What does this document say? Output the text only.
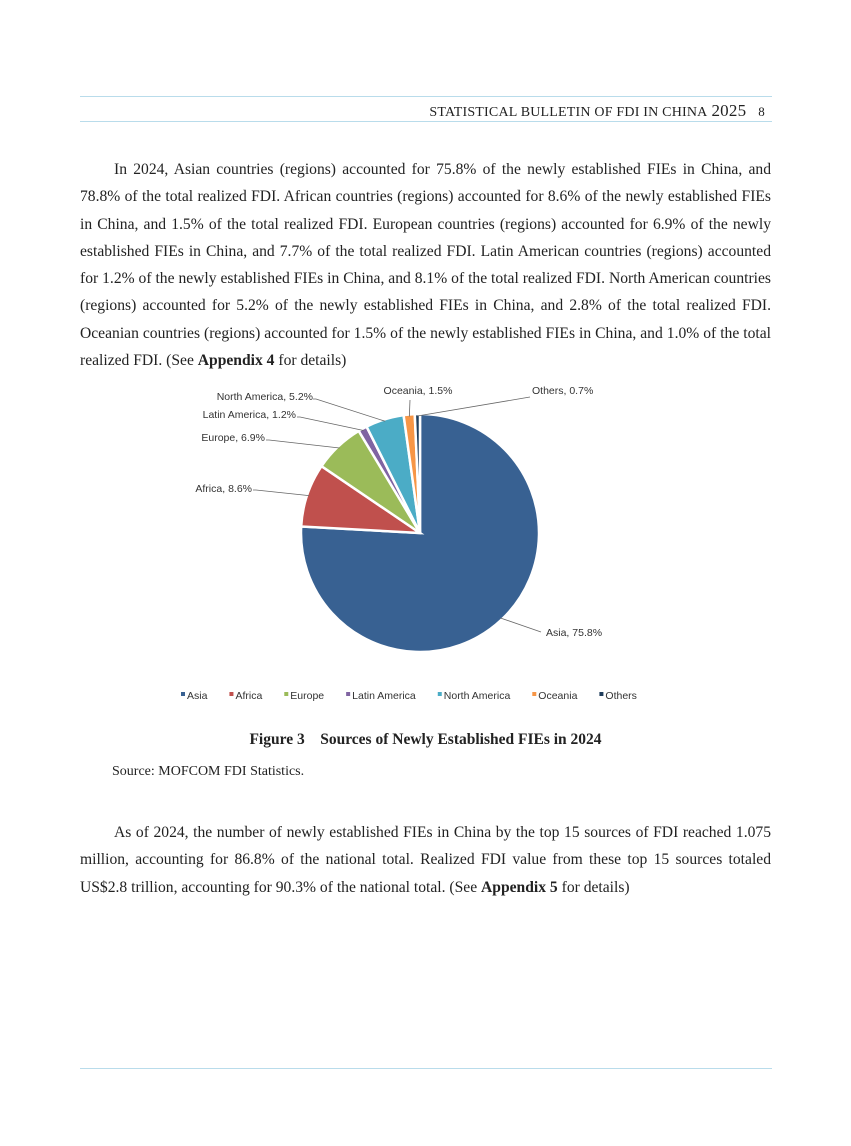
STATISTICAL BULLETIN OF FDI IN CHINA 2025 8

In 2024, Asian countries (regions) accounted for 75.8% of the newly established FIEs in China, and 78.8% of the total realized FDI. African countries (regions) accounted for 8.6% of the newly established FIEs in China, and 1.5% of the total realized FDI. European countries (regions) accounted for 6.9% of the newly established FIEs in China, and 7.7% of the total realized FDI. Latin American countries (regions) accounted for 1.2% of the newly established FIEs in China, and 8.1% of the total realized FDI. North American countries (regions) accounted for 5.2% of the newly established FIEs in China, and 2.8% of the total realized FDI. Oceanian countries (regions) accounted for 1.5% of the newly established FIEs in China, and 1.0% of the total realized FDI. (See Appendix 4 for details)

Asia, 75.8%
Africa, 8.6%
Europe, 6.9%
Latin America, 1.2%
North America, 5.2%	Oceania, 1.5%	Others, 0.7%
Asia	Africa	Europe	Latin America	North America	Oceania	Others
Figure 3    Sources of Newly Established FIEs in 2024
Source: MOFCOM FDI Statistics.

As of 2024, the number of newly established FIEs in China by the top 15 sources of FDI reached 1.075 million, accounting for 86.8% of the national total. Realized FDI value from these top 15 sources totaled US$2.8 trillion, accounting for 90.3% of the national total. (See Appendix 5 for details)
